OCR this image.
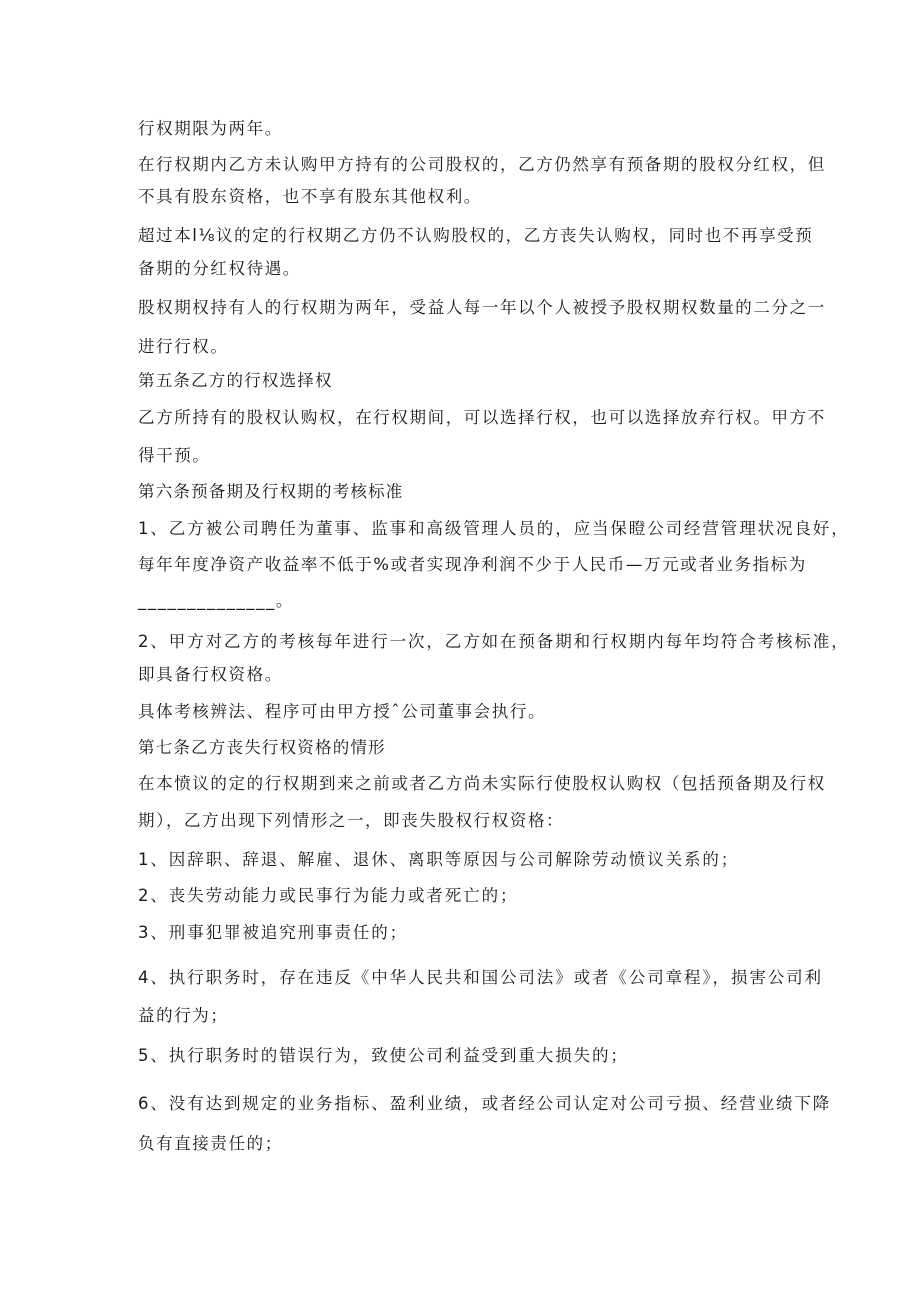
行权期限为两年。
在行权期内乙方未认购甲方持有的公司股权的，乙方仍然享有预备期的股权分红权，但
不具有股东资格，也不享有股东其他权利。
超过本l⅛议的定的行权期乙方仍不认购股权的，乙方丧失认购权，同时也不再享受预
备期的分红权待遇。
股权期权持有人的行权期为两年，受益人每一年以个人被授予股权期权数量的二分之一
进行行权。
第五条乙方的行权选择权
乙方所持有的股权认购权，在行权期间，可以选择行权，也可以选择放弃行权。甲方不
得干预。
第六条预备期及行权期的考核标准
1、乙方被公司聘任为董事、监事和高级管理人员的，应当保瞪公司经营管理状况良好，
每年年度净资产收益率不低于%或者实现净利润不少于人民币—万元或者业务指标为
______________。
2、甲方对乙方的考核每年进行一次，乙方如在预备期和行权期内每年均符合考核标准，
即具备行权资格。
具体考核辨法、程序可由甲方授ˆ公司董事会执行。
第七条乙方丧失行权资格的情形
在本愤议的定的行权期到来之前或者乙方尚未实际行使股权认购权（包括预备期及行权
期），乙方出现下列情形之一，即丧失股权行权资格：
1、因辞职、辞退、解雇、退休、离职等原因与公司解除劳动愤议关系的；
2、丧失劳动能力或民事行为能力或者死亡的；
3、刑事犯罪被追究刑事责任的；
4、执行职务时，存在违反《中华人民共和国公司法》或者《公司章程》，损害公司利
益的行为；
5、执行职务时的错误行为，致使公司利益受到重大损失的；
6、没有达到规定的业务指标、盈利业绩，或者经公司认定对公司亏损、经营业绩下降
负有直接责任的；
